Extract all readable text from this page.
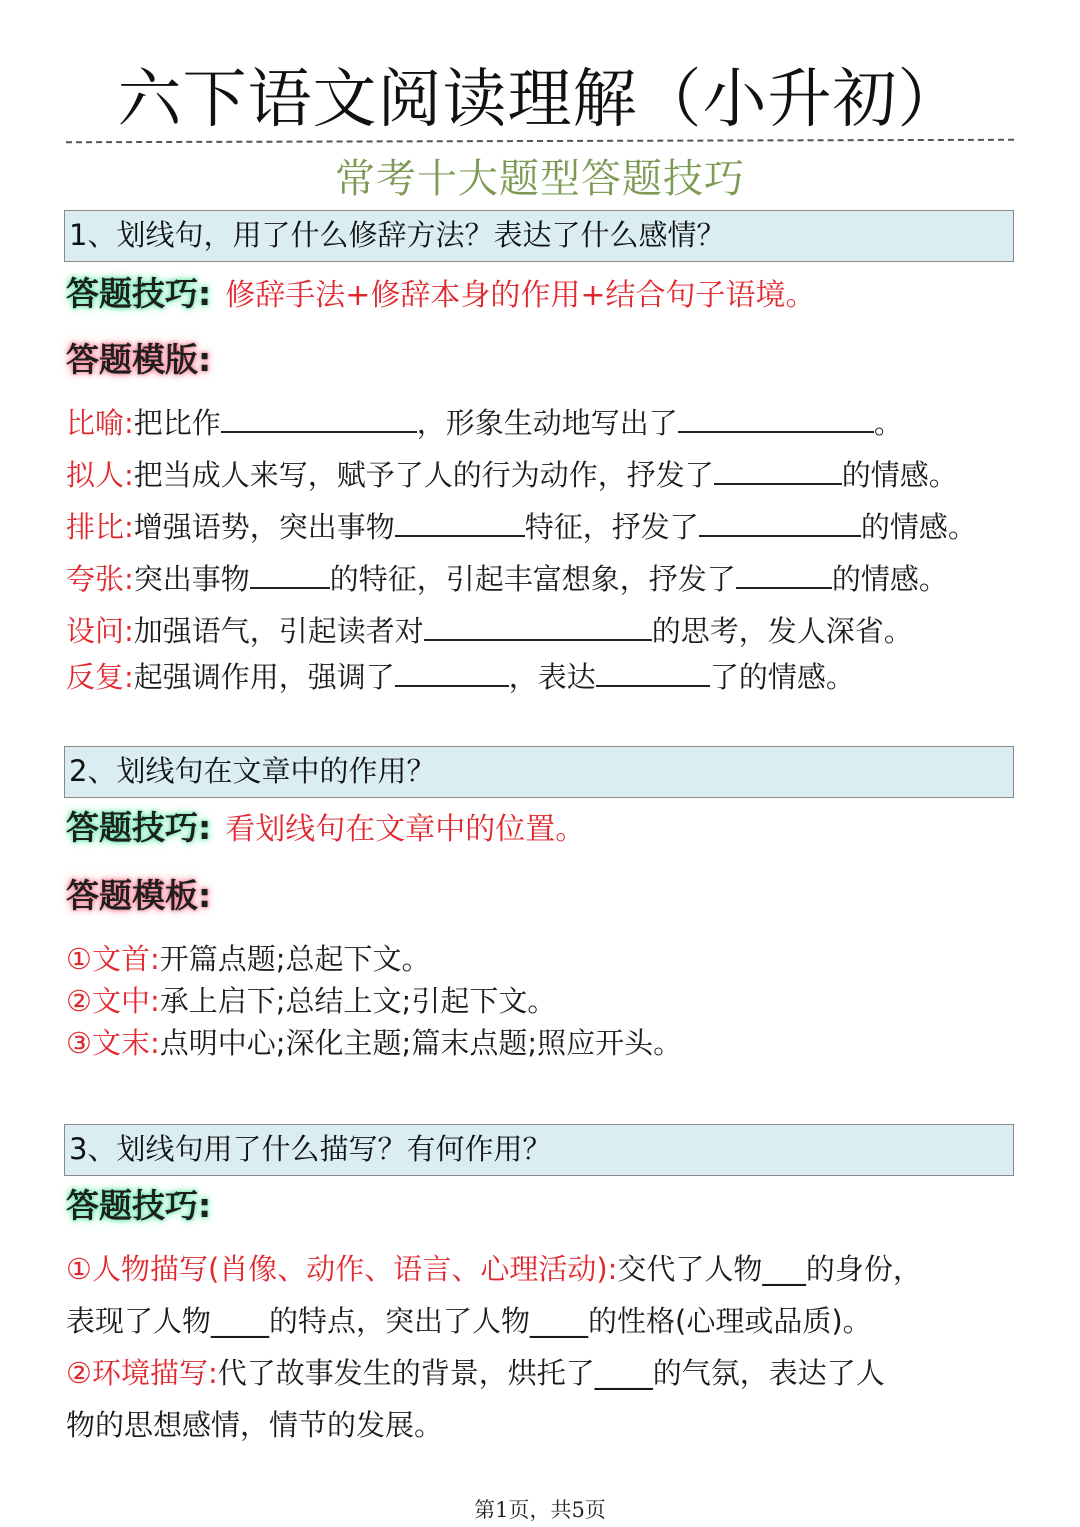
六下语文阅读理解（小升初）
常考十大题型答题技巧
1、划线句，用了什么修辞方法？表达了什么感情？
答题技巧: 修辞手法+修辞本身的作用+结合句子语境。
答题模版:
比喻:把比作	，形象生动地写出了	。
拟人:把当成人来写，赋予了人的行为动作，抒发了	的情感。
排比:增强语势，突出事物	特征，抒发了	的情感。
夸张:突出事物	的特征，引起丰富想象，抒发了	的情感。
设问:加强语气，引起读者对	的思考，发人深省。
反复:起强调作用，强调了	，表达	了的情感。
2、划线句在文章中的作用？
答题技巧: 看划线句在文章中的位置。
答题模板:
①文首:开篇点题;总起下文。
②文中:承上启下;总结上文;引起下文。
③文末:点明中心;深化主题;篇末点题;照应开头。
3、划线句用了什么描写？有何作用？
答题技巧:
①人物描写(肖像、动作、语言、心理活动):交代了人物___的身份，
表现了人物____的特点，突出了人物____的性格(心理或品质)。
②环境描写:代了故事发生的背景，烘托了____的气氛，表达了人
物的思想感情，情节的发展。
第1页，共5页
